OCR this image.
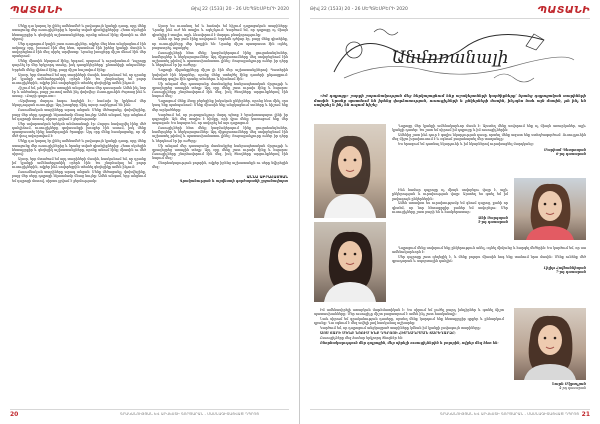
ՊԱՏԱՆԻ	Թիվ 22 (1533) 20 - 26 ՍԵՊՏԵՄԲԵՐԻ 2020

Մեկը դա կարող էր լինել ամենամեծ և լավագույն կյանքի դասը, որը մենք ստացանք մեր ուսուցիչներից և նրանց տված գիտելիքներից։ Հետո սկսեցին հետաքրքիր և գեղեցիկ աշխատանքները, որոնք անում էինք միասին ու մեծ սիրով։

Մեր դպրոցում կային շատ ուսուցիչներ, ովքեր մեզ հետ անցկացնում էին ամբողջ օրը, խոսում էին մեզ հետ, պատմում էին իրենց կյանքի մասին և սովորեցնում էին մեզ սիրել արվեստը։ Նրանց խոսքերը միշտ մնում էին մեր սրտերում։

Մենք միասին նկարում էինք, երգում, պարում և ուրախանում։ Դպրոցը դարձել էր մեր երկրորդ տունը, իսկ դասընկերները՝ ընտանիքի անդամներ։ Երբեմն մենք վիճում էինք, բայց միշտ հաշտվում էինք։

Այսօր, երբ մտածում եմ այդ տարիների մասին, հասկանում եմ, որ դրանք իմ կյանքի ամենաերջանիկ օրերն էին։ Ես շնորհակալ եմ բոլոր ուսուցիչներին, ովքեր ինձ սովորեցրին տեսնել գեղեցիկը ամեն ինչում։

Հիշում եմ, թե ինչպես առաջին անգամ մտա մեր դասարան։ Ամեն ինչ նոր էր և անծանոթ, բայց շուտով ամեն ինչ փոխվեց։ Ուսուցչուհին ժպտաց ինձ և ասաց. «Բարի գալուստ»։

«Արվեստը մարդու հոգու հայելին է»,- հաճախ էր կրկնում մեր նկարչության ուսուցիչը։ Այդ խոսքերը մինչ այսօր ուղեկցում են ինձ։

Ուսումնական տարիները արագ անցան։ Մենք մեծացանք, փոխվեցինք, բայց մեր սերը դպրոցի նկատմամբ մնաց նույնը։ Ամեն անգամ, երբ անցնում եմ դպրոցի մոտով, սիրտս լցվում է ջերմությամբ։

Մեր ավարտական երեկոն անմոռանալի էր։ Բոլորս հավաքվել էինք մեծ դահլիճում, ուսուցիչները գովասանքի խոսքեր էին ասում, իսկ մենք պատրաստել էինք համերգային ծրագիր։ Այդ օրը մենք հասկացանք, որ մի մեծ փուլ ավարտվում է։

Մեկը դա կարող էր լինել ամենամեծ և լավագույն կյանքի դասը, որը մենք ստացանք մեր ուսուցիչներից և նրանց տված գիտելիքներից։ Հետո սկսեցին հետաքրքիր և գեղեցիկ աշխատանքները, որոնք անում էինք միասին ու մեծ սիրով։

Այսօր, երբ մտածում եմ այդ տարիների մասին, հասկանում եմ, որ դրանք իմ կյանքի ամենաերջանիկ օրերն էին։ Ես շնորհակալ եմ բոլոր ուսուցիչներին, ովքեր ինձ սովորեցրին տեսնել գեղեցիկը ամեն ինչում։

Ուսումնական տարիները արագ անցան։ Մենք մեծացանք, փոխվեցինք, բայց մեր սերը դպրոցի նկատմամբ մնաց նույնը։ Ամեն անգամ, երբ անցնում եմ դպրոցի մոտով, սիրտս լցվում է ջերմությամբ։

Այսօր ես ուսանող եմ և հաճախ եմ հիշում դպրոցական տարիները։ Դրանք ինձ ուժ են տալիս և ոգեշնչում։ Կարծում եմ, որ դպրոցը ոչ միայն գիտելիք է տալիս, այլև ձևավորում է մարդու բնավորությունը։

Ամեն օր նոր բան էինք սովորում։ Երբեմն դժվար էր, բայց մենք գիտեինք, որ ուսուցիչները մեր կողքին են։ Նրանք միշտ պատրաստ էին օգնել, բացատրել, աջակցել։

Ուսուցիչների հետ մենք կազմակերպում էինք ցուցահանդեսներ, համերգներ և ներկայացումներ։ Այդ միջոցառումները մեզ սովորեցնում էին աշխատել թիմով և պատասխանատու լինել։ Յուրաքանչյուրը ուներ իր դերը և ներդնում էր իր ուժերը։

Դպրոցի միջանցքները միշտ լի էին մեր աշխատանքներով։ Պատերին կախված էին նկարներ, որոնք մենք ստեղծել էինք դասերի ընթացքում։ Շատերը գալիս էին դրանք տեսնելու և հիանում էին։

Մի անգամ մեր դասարանը մասնակցեց հանրապետական մրցույթի և զբաղեցրեց առաջին տեղը։ Այդ օրը մենք շատ ուրախ էինք և հպարտ։ Ուսուցիչները շնորհավորում էին մեզ, իսկ ծնողները արցունքներով էին նայում մեզ։

Դպրոցում մենք ձեռք բերեցինք իսկական ընկերներ, որոնց հետ մինչ օրս կապ ենք պահպանում։ Մենք միասին ենք անցկացնում տոները և հիշում ենք մեր արկածները։

Կարծում եմ, որ յուրաքանչյուր մարդ պետք է երախտապարտ լինի իր դպրոցին։ Այն մեզ տալիս է հիմքը, որի վրա մենք կառուցում ենք մեր ապագան։ Ես հպարտ եմ, որ սովորել եմ այս դպրոցում։

Ուսուցիչների հետ մենք կազմակերպում էինք ցուցահանդեսներ, համերգներ և ներկայացումներ։ Այդ միջոցառումները մեզ սովորեցնում էին աշխատել թիմով և պատասխանատու լինել։ Յուրաքանչյուրը ուներ իր դերը և ներդնում էր իր ուժերը։

Մի անգամ մեր դասարանը մասնակցեց հանրապետական մրցույթի և զբաղեցրեց առաջին տեղը։ Այդ օրը մենք շատ ուրախ էինք և հպարտ։ Ուսուցիչները շնորհավորում էին մեզ, իսկ ծնողները արցունքներով էին նայում մեզ։

Շնորհակալություն բոլորին, ովքեր իրենց աշխատանքն ու սերը նվիրեցին մեզ։

ԱՆՆԱ ԱԲՐԱՀԱՄՅԱՆ
Գրականության և արվեստի գործարանի շրջանավարտ
20	ԳՐԱԿԱՆՈՒԹՅԱՆ ԵՎ ԱՐՎԵՍՏԻ ԳՈՐԾԱՐԱՆ - ՄԱՍՆԱԳԻՏԱՑՎԱԾ ԴՊՐՈՑ
Թիվ 22 (1533) 20 - 26 ՍԵՊՏԵՄԲԵՐԻ 2020	ՊԱՏԱՆԻ
Անմոռանալի

«Իմ դպրոցը» շարքի շարունակության մեջ ներկայացնում ենք աշակերտների կարծիքները՝ նրանց դպրոցական տարիների մասին։ Նրանք պատմում են իրենց փորձառության, ուսուցիչների և ընկերների մասին, ինչպես նաև այն մասին, թե ինչ են սովորել և ինչ են ուզում հիշել։

Դպրոցը մեր կյանքի ամենակարևոր մասն է։ Այստեղ մենք սովորում ենք ոչ միայն առարկաներ, այլև կյանքի դասեր։ Ես շատ եմ սիրում իմ դպրոցը և իմ ուսուցիչներին։

Ամենից շատ ինձ դուր է գալիս նկարչության դասը, որտեղ մենք ազատ ենք ստեղծագործում։ Ուսուցչուհին մեզ միշտ խրախուսում է և օգնում բացահայտել մեր տաղանդը։

Ես երազում եմ դառնալ նկարչուհի և իմ նկարներով ուրախացնել մարդկանց։

Մարիամ Պետրոսյան
6-րդ դասարան

Ինձ համար դպրոցը ոչ միայն սովորելու վայր է, այլև ընկերության և ուրախության վայր։ Այստեղ ես գտել եմ իմ լավագույն ընկերներին։

Ամեն առավոտ ես ուրախությամբ եմ գնում դպրոց, քանի որ գիտեմ, որ նոր հետաքրքիր բաներ եմ սովորելու։ Մեր ուսուցիչները շատ բարի են և համբերատար։

Անի Սարգսյան
5-րդ դասարան

Դպրոցում մենք սովորում ենք ընկերություն անել, օգնել միմյանց և հարգել մեծերին։ Ես կարծում եմ, որ սա ամենակարևորն է։

Մեր դպրոցը շատ գեղեցիկ է, և մենք բոլորս միասին հոգ ենք տանում նրա մասին։ Մենք ունենք մեծ գրադարան և սպորտային դահլիճ։

Լիլիթ Հովհաննիսյան
7-րդ դասարան

Իմ ամենասիրելի առարկան մաթեմատիկան է։ Ես սիրում եմ լուծել բարդ խնդիրներ և գտնել ճիշտ պատասխանները։ Մեր ուսուցիչը միշտ բացատրում է ամեն ինչ շատ հասկանալի։

Նաև սիրում եմ գրականության դասերը, որտեղ մենք կարդում ենք հետաքրքիր գրքեր և քննարկում դրանք։ Դա օգնում է մեզ ավելի լավ հասկանալ աշխարհը։

Կարծում եմ, որ դպրոցում անցկացրած տարիները կմնան իմ կյանքի լավագույն տարիները։

ԱՅՍ ՏԱՐԻ ՄԵՆՔ ՆՇՈՒՄ ԵՆՔ ԴՊՐՈՑԻ ՀԻՄՆԱԴՐՄԱՆ ՏԱՐԵԴԱՐՁԸ։

Ուսուցիչները մեզ համար երկրորդ ծնողներ են։

Շնորհակալություն մեր դպրոցին, մեր սիրելի ուսուցիչներին և բոլորին, ովքեր մեզ հետ են։

Նարե Մկրտչյան
4-րդ դասարան
ԳՐԱԿԱՆՈՒԹՅԱՆ ԵՎ ԱՐՎԵՍՏԻ ԳՈՐԾԱՐԱՆ - ՄԱՍՆԱԳԻՏԱՑՎԱԾ ԴՊՐՈՑ 21
